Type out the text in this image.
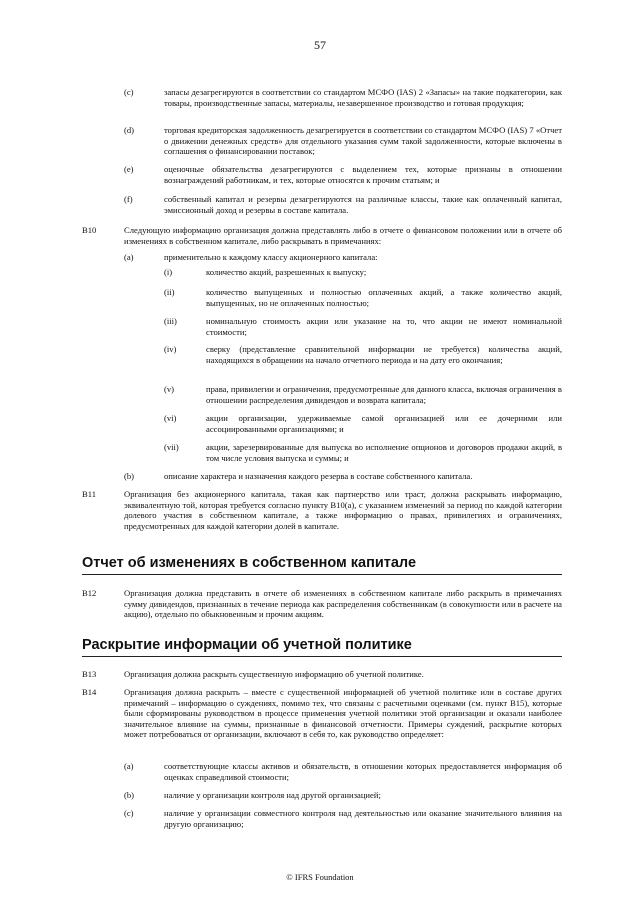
57
(c)	запасы дезагрегируются в соответствии со стандартом МСФО (IAS) 2 «Запасы» на такие подкатегории, как товары, производственные запасы, материалы, незавершенное производство и готовая продукция;
(d)	торговая кредиторская задолженность дезагрегируется в соответствии со стандартом МСФО (IAS) 7 «Отчет о движении денежных средств» для отдельного указания сумм такой задолженности, которые включены в соглашения о финансировании поставок;
(e)	оценочные обязательства дезагрегируются с выделением тех, которые признаны в отношении вознаграждений работникам, и тех, которые относятся к прочим статьям; и
(f)	собственный капитал и резервы дезагрегируются на различные классы, такие как оплаченный капитал, эмиссионный доход и резервы в составе капитала.
B10	Следующую информацию организация должна представлять либо в отчете о финансовом положении или в отчете об изменениях в собственном капитале, либо раскрывать в примечаниях:
(a)	применительно к каждому классу акционерного капитала:
(i)	количество акций, разрешенных к выпуску;
(ii)	количество выпущенных и полностью оплаченных акций, а также количество акций, выпущенных, но не оплаченных полностью;
(iii)	номинальную стоимость акции или указание на то, что акции не имеют номинальной стоимости;
(iv)	сверку (представление сравнительной информации не требуется) количества акций, находящихся в обращении на начало отчетного периода и на дату его окончания;
(v)	права, привилегии и ограничения, предусмотренные для данного класса, включая ограничения в отношении распределения дивидендов и возврата капитала;
(vi)	акции организации, удерживаемые самой организацией или ее дочерними или ассоциированными организациями; и
(vii)	акции, зарезервированные для выпуска во исполнение опционов и договоров продажи акций, в том числе условия выпуска и суммы; и
(b)	описание характера и назначения каждого резерва в составе собственного капитала.
B11	Организация без акционерного капитала, такая как партнерство или траст, должна раскрывать информацию, эквивалентную той, которая требуется согласно пункту B10(a), с указанием изменений за период по каждой категории долевого участия в собственном капитале, а также информацию о правах, привилегиях и ограничениях, предусмотренных для каждой категории долей в капитале.
Отчет об изменениях в собственном капитале
B12	Организация должна представить в отчете об изменениях в собственном капитале либо раскрыть в примечаниях сумму дивидендов, признанных в течение периода как распределения собственникам (в совокупности или в расчете на акцию), отдельно по обыкновенным и прочим акциям.
Раскрытие информации об учетной политике
B13	Организация должна раскрыть существенную информацию об учетной политике.
B14	Организация должна раскрыть – вместе с существенной информацией об учетной политике или в составе других примечаний – информацию о суждениях, помимо тех, что связаны с расчетными оценками (см. пункт B15), которые были сформированы руководством в процессе применения учетной политики этой организации и оказали наиболее значительное влияние на суммы, признанные в финансовой отчетности. Примеры суждений, раскрытие которых может потребоваться от организации, включают в себя то, как руководство определяет:
(a)	соответствующие классы активов и обязательств, в отношении которых предоставляется информация об оценках справедливой стоимости;
(b)	наличие у организации контроля над другой организацией;
(c)	наличие у организации совместного контроля над деятельностью или оказание значительного влияния на другую организацию;
© IFRS Foundation
